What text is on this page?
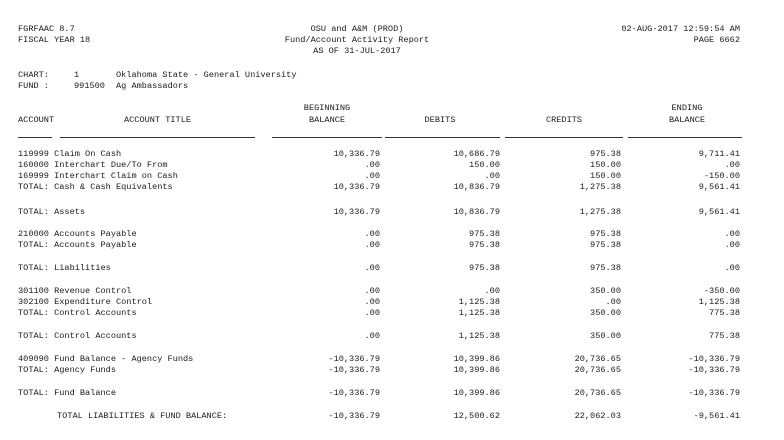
FGRFAAC 8.7
FISCAL YEAR 18
OSU and A&M (PROD)
Fund/Account Activity Report
AS OF 31-JUL-2017
02-AUG-2017 12:59:54 AM
PAGE 6662
CHART:	1	Oklahoma State - General University
FUND :	991500 Ag Ambassadors
BEGINNING	ENDING
ACCOUNT	ACCOUNT TITLE	BALANCE	DEBITS	CREDITS	BALANCE
119999 Claim On Cash	10,336.79	10,686.79	975.38	9,711.41
160000 Interchart Due/To From	.00	150.00	150.00	.00
169999 Interchart Claim on Cash	.00	.00	150.00	-150.00
TOTAL: Cash & Cash Equivalents	10,336.79	10,836.79	1,275.38	9,561.41
TOTAL: Assets	10,336.79	10,836.79	1,275.38	9,561.41
210000 Accounts Payable	.00	975.38	975.38	.00
TOTAL: Accounts Payable	.00	975.38	975.38	.00
TOTAL: Liabilities	.00	975.38	975.38	.00
301100 Revenue Control	.00	.00	350.00	-350.00
302100 Expenditure Control	.00	1,125.38	.00	1,125.38
TOTAL: Control Accounts	.00	1,125.38	350.00	775.38
TOTAL: Control Accounts	.00	1,125.38	350.00	775.38
409090 Fund Balance - Agency Funds	-10,336.79	10,399.86	20,736.65	-10,336.79
TOTAL: Agency Funds	-10,336.79	10,399.86	20,736.65	-10,336.79
TOTAL: Fund Balance	-10,336.79	10,399.86	20,736.65	-10,336.79
TOTAL LIABILITIES & FUND BALANCE:	-10,336.79	12,500.62	22,062.03	-9,561.41
